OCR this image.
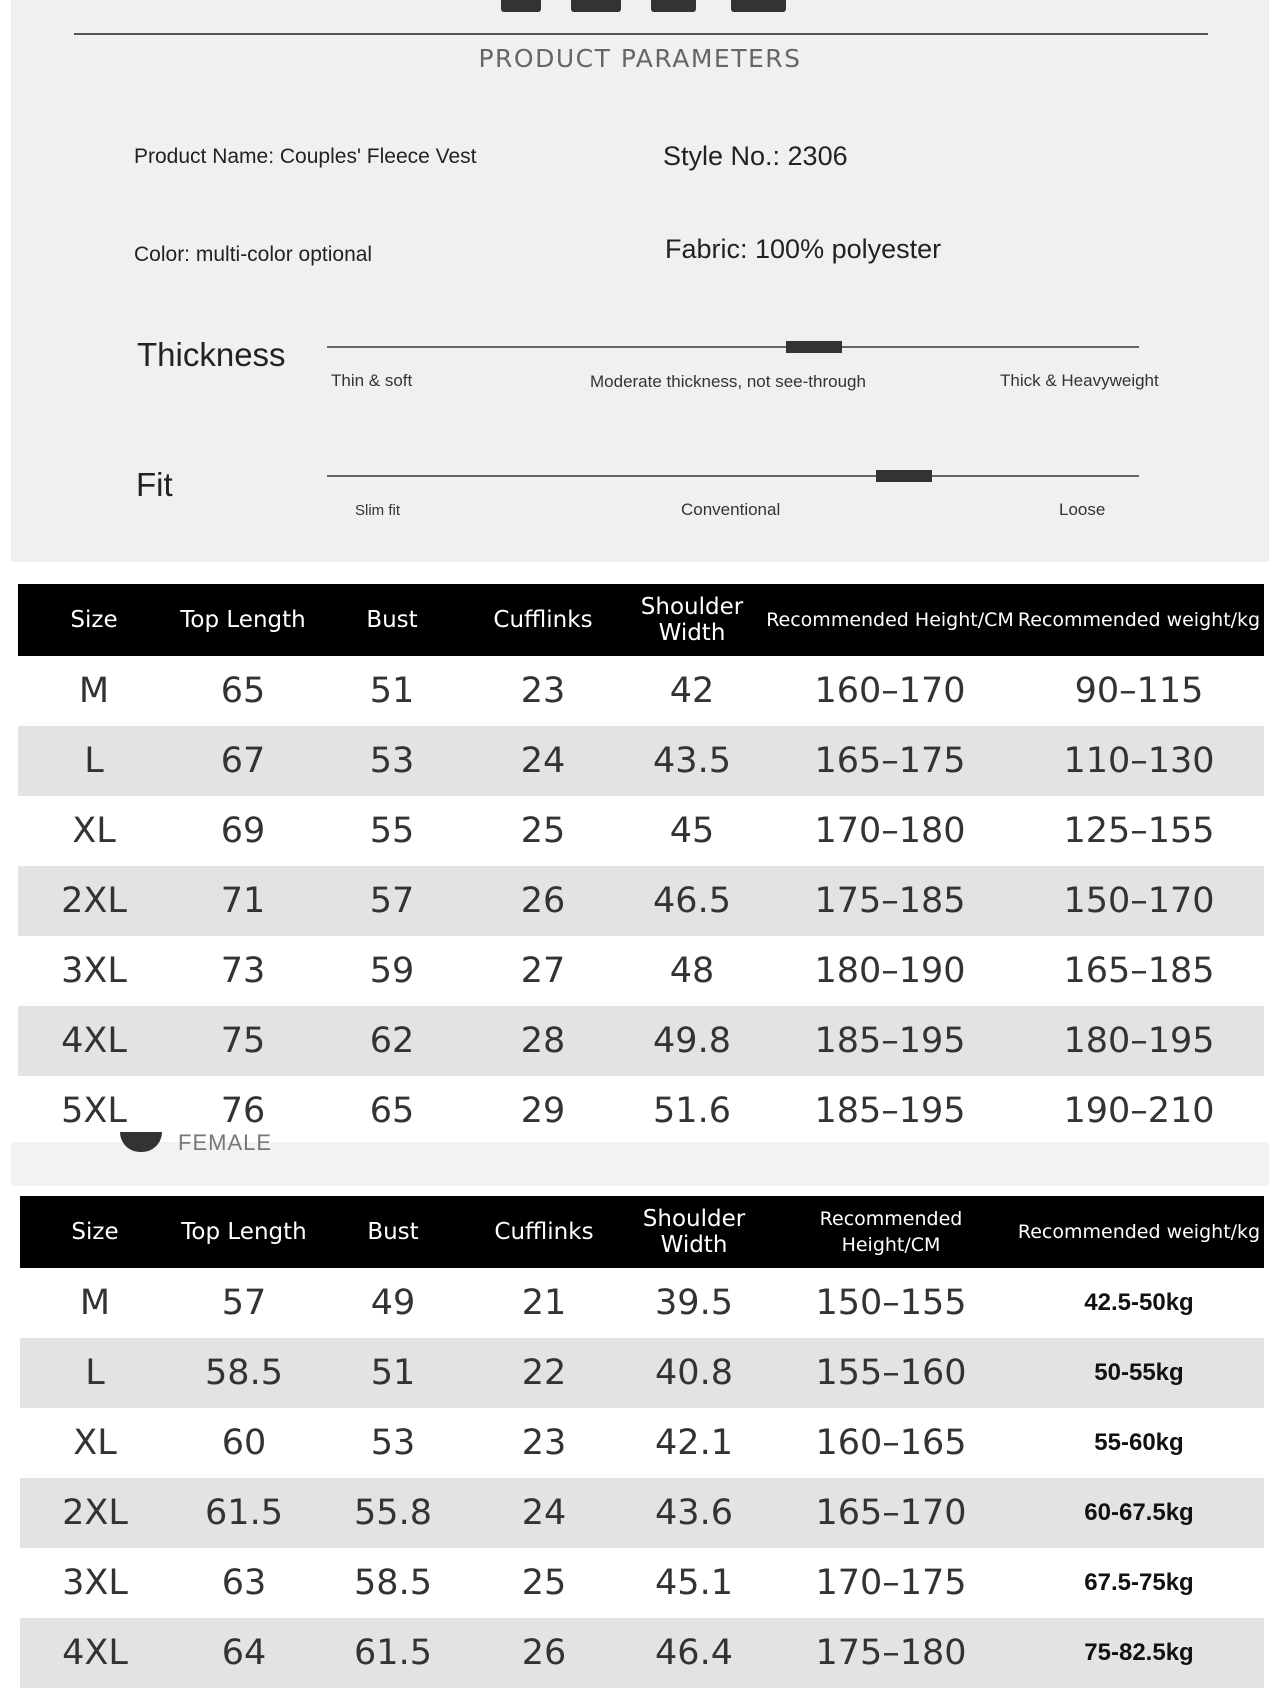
PRODUCT PARAMETERS
Product Name: Couples' Fleece Vest	Style No.: 2306
Color: multi-color optional	Fabric: 100% polyester
Thickness
Thin & soft	Moderate thickness, not see-through	Thick & Heavyweight
Fit
Slim fit	Conventional	Loose
Size	Top Length	Bust	Cufflinks	Shoulder Width	Recommended Height/CM	Recommended weight/kg
M	65	51	23	42	160–170	90–115
L	67	53	24	43.5	165–175	110–130
XL	69	55	25	45	170–180	125–155
2XL	71	57	26	46.5	175–185	150–170
3XL	73	59	27	48	180–190	165–185
4XL	75	62	28	49.8	185–195	180–195
5XL	76	65	29	51.6	185–195	190–210
FEMALE
Size	Top Length	Bust	Cufflinks	Shoulder Width	Recommended Height/CM	Recommended weight/kg
M	57	49	21	39.5	150–155	42.5-50kg
L	58.5	51	22	40.8	155–160	50-55kg
XL	60	53	23	42.1	160–165	55-60kg
2XL	61.5	55.8	24	43.6	165–170	60-67.5kg
3XL	63	58.5	25	45.1	170–175	67.5-75kg
4XL	64	61.5	26	46.4	175–180	75-82.5kg
